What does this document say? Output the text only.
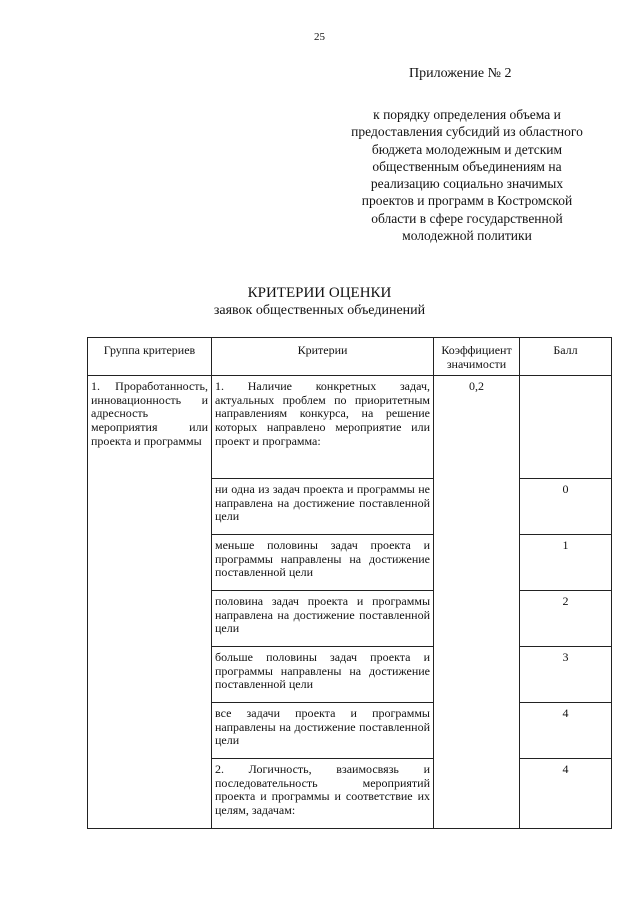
25
Приложение № 2
к порядку определения объема и предоставления субсидий из областного бюджета молодежным и детским общественным объединениям на реализацию социально значимых проектов и программ в Костромской области в сфере государственной молодежной политики
КРИТЕРИИ ОЦЕНКИ
заявок общественных объединений
Группа критериев	Критерии	Коэффициент значимости	Балл
1. Проработанность, инновационность и адресность мероприятия или проекта и программы	1. Наличие конкретных задач, актуальных проблем по приоритетным направлениям конкурса, на решение которых направлено мероприятие или проект и программа:	0,2	
	ни одна из задач проекта и программы не направлена на достижение поставленной цели		0
	меньше половины задач проекта и программы направлены на достижение поставленной цели		1
	половина задач проекта и программы направлена на достижение поставленной цели		2
	больше половины задач проекта и программы направлены на достижение поставленной цели		3
	все задачи проекта и программы направлены на достижение поставленной цели		4
	2. Логичность, взаимосвязь и последовательность мероприятий проекта и программы и соответствие их целям, задачам:		4
